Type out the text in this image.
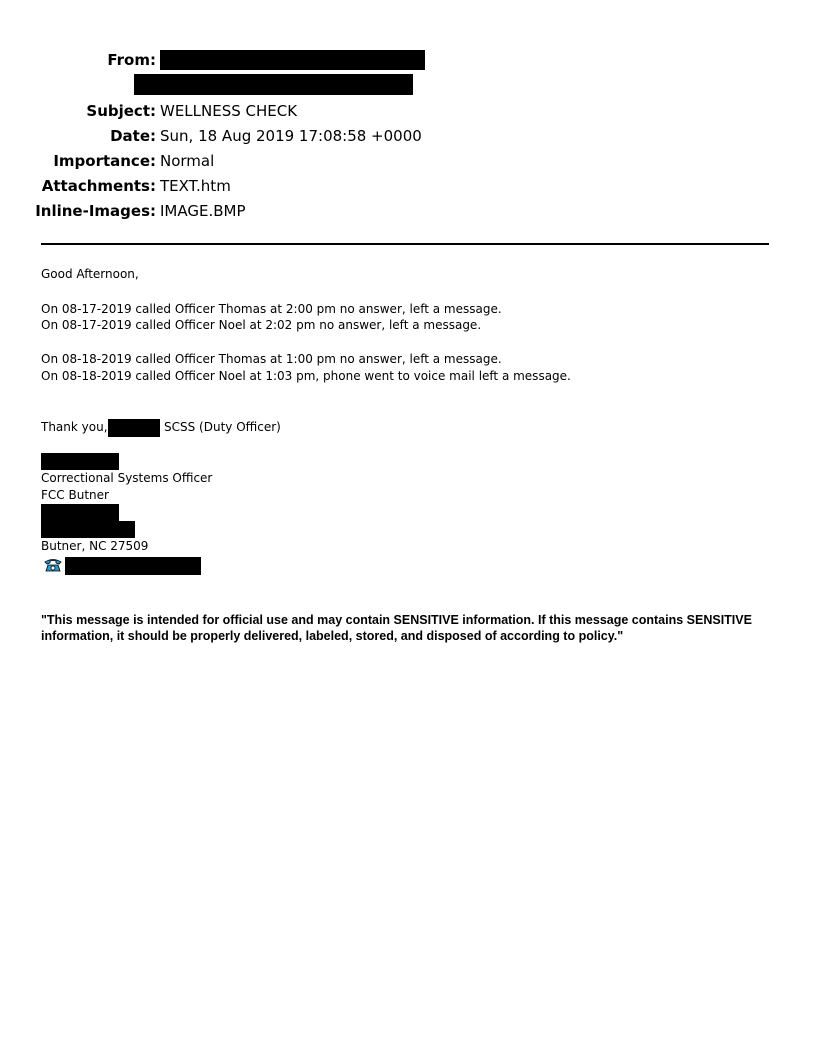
From:
Subject: WELLNESS CHECK
Date: Sun, 18 Aug 2019 17:08:58 +0000
Importance: Normal
Attachments: TEXT.htm
Inline-Images: IMAGE.BMP
Good Afternoon,
On 08-17-2019 called Officer Thomas at 2:00 pm no answer, left a message.
On 08-17-2019 called Officer Noel at 2:02 pm no answer, left a message.
On 08-18-2019 called Officer Thomas at 1:00 pm no answer, left a message.
On 08-18-2019 called Officer Noel at 1:03 pm, phone went to voice mail left a message.
Thank you,	SCSS (Duty Officer)
Correctional Systems Officer
FCC Butner
Butner, NC 27509
"This message is intended for official use and may contain SENSITIVE information. If this message contains SENSITIVE information, it should be properly delivered, labeled, stored, and disposed of according to policy."
